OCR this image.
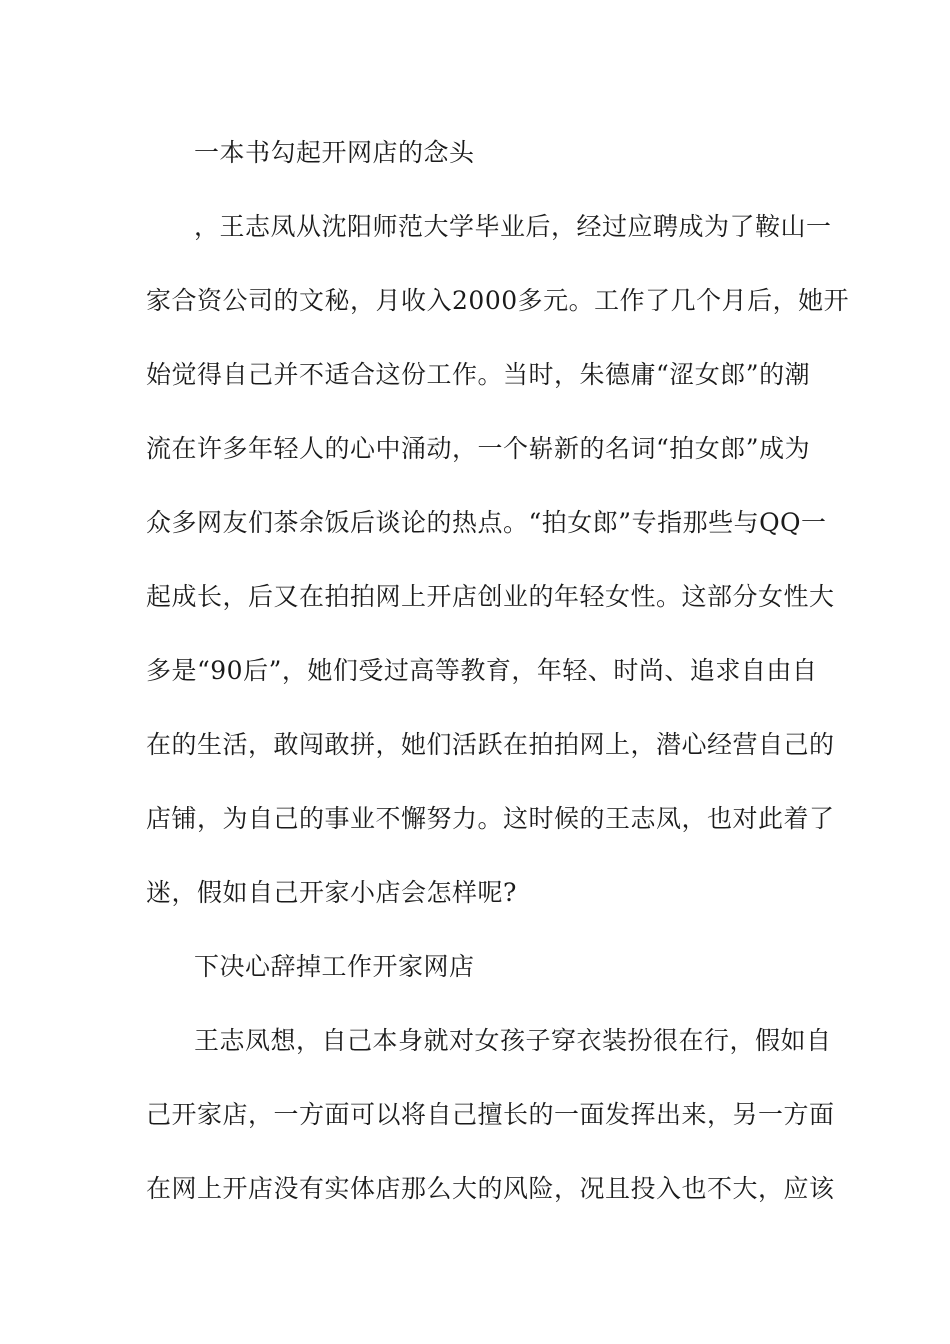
一本书勾起开网店的念头
，王志凤从沈阳师范大学毕业后，经过应聘成为了鞍山一
家合资公司的文秘，月收入2000多元。工作了几个月后，她开
始觉得自己并不适合这份工作。当时，朱德庸“涩女郎”的潮
流在许多年轻人的心中涌动，一个崭新的名词“拍女郎”成为
众多网友们茶余饭后谈论的热点。“拍女郎”专指那些与QQ一
起成长，后又在拍拍网上开店创业的年轻女性。这部分女性大
多是“90后”，她们受过高等教育，年轻、时尚、追求自由自
在的生活，敢闯敢拼，她们活跃在拍拍网上，潜心经营自己的
店铺，为自己的事业不懈努力。这时候的王志凤，也对此着了
迷，假如自己开家小店会怎样呢?
下决心辞掉工作开家网店
王志凤想，自己本身就对女孩子穿衣装扮很在行，假如自
己开家店，一方面可以将自己擅长的一面发挥出来，另一方面
在网上开店没有实体店那么大的风险，况且投入也不大，应该
